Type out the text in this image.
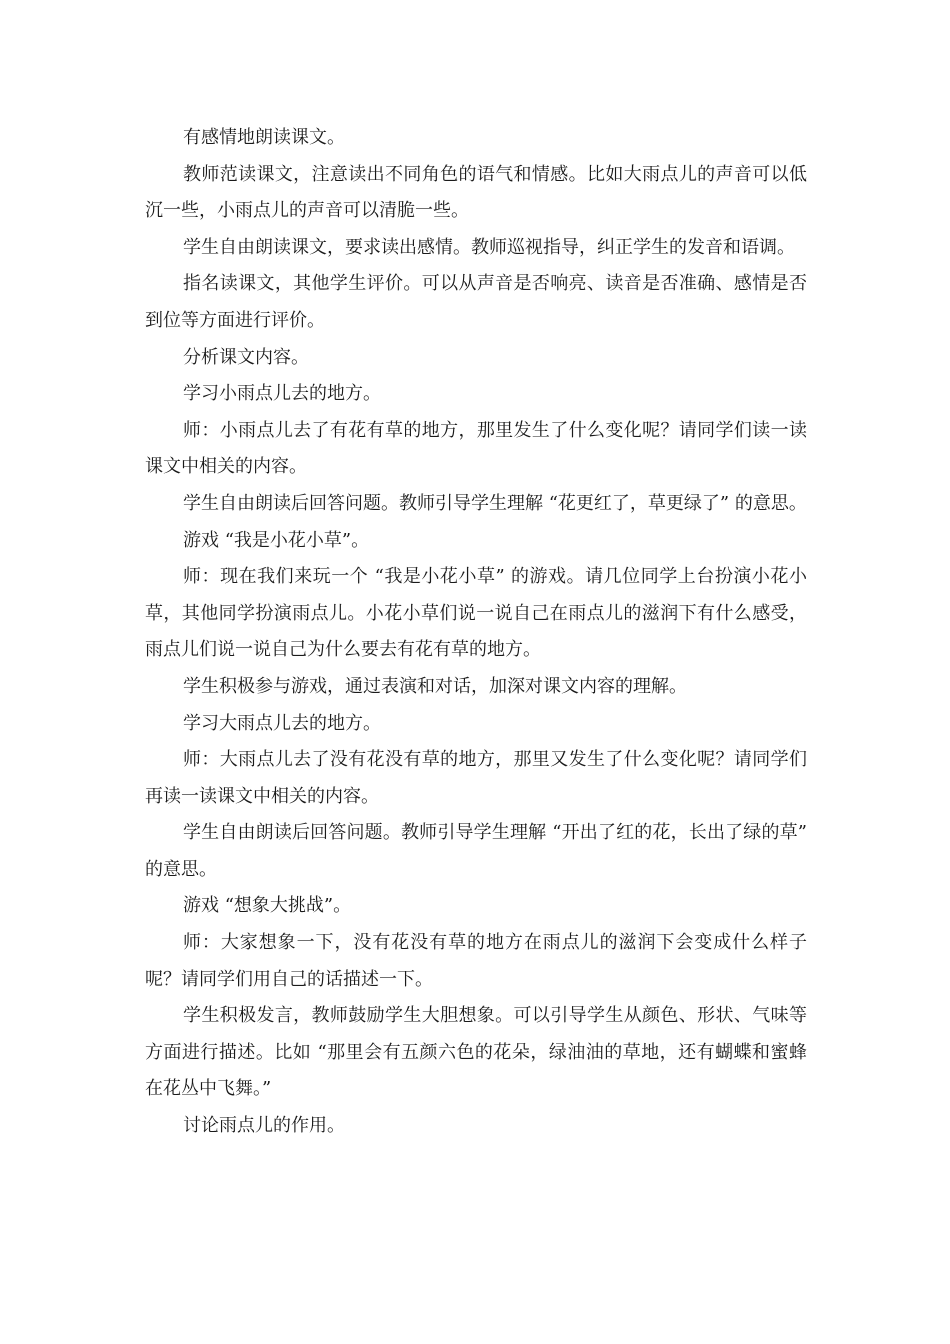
有感情地朗读课文。

教师范读课文，注意读出不同角色的语气和情感。比如大雨点儿的声音可以低沉一些，小雨点儿的声音可以清脆一些。

学生自由朗读课文，要求读出感情。教师巡视指导，纠正学生的发音和语调。

指名读课文，其他学生评价。可以从声音是否响亮、读音是否准确、感情是否到位等方面进行评价。

分析课文内容。

学习小雨点儿去的地方。

师：小雨点儿去了有花有草的地方，那里发生了什么变化呢？请同学们读一读课文中相关的内容。

学生自由朗读后回答问题。教师引导学生理解 “花更红了，草更绿了” 的意思。

游戏 “我是小花小草”。

师：现在我们来玩一个 “我是小花小草” 的游戏。请几位同学上台扮演小花小草，其他同学扮演雨点儿。小花小草们说一说自己在雨点儿的滋润下有什么感受，雨点儿们说一说自己为什么要去有花有草的地方。

学生积极参与游戏，通过表演和对话，加深对课文内容的理解。

学习大雨点儿去的地方。

师：大雨点儿去了没有花没有草的地方，那里又发生了什么变化呢？请同学们再读一读课文中相关的内容。

学生自由朗读后回答问题。教师引导学生理解 “开出了红的花，长出了绿的草” 的意思。

游戏 “想象大挑战”。

师：大家想象一下，没有花没有草的地方在雨点儿的滋润下会变成什么样子呢？请同学们用自己的话描述一下。

学生积极发言，教师鼓励学生大胆想象。可以引导学生从颜色、形状、气味等方面进行描述。比如 “那里会有五颜六色的花朵，绿油油的草地，还有蝴蝶和蜜蜂在花丛中飞舞。”

讨论雨点儿的作用。
